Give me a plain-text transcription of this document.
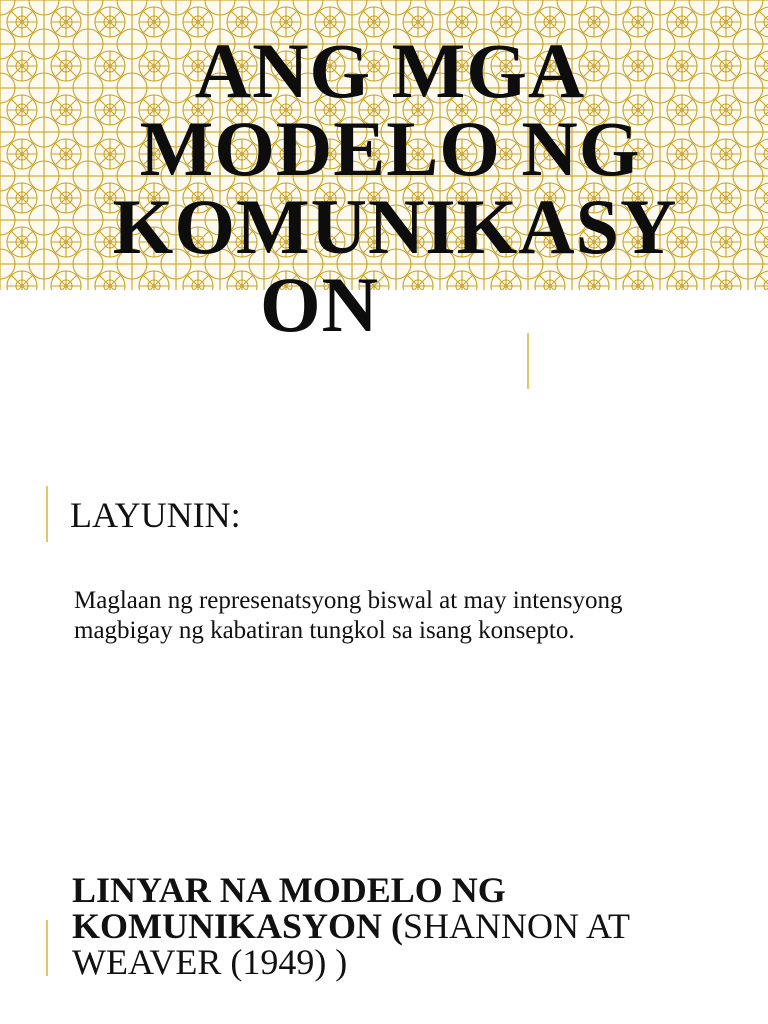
ANG MGA
MODELO NG
KOMUNIKASY
ON
LAYUNIN:

Maglaan ng represenatsyong biswal at may intensyong magbigay ng kabatiran tungkol sa isang konsepto.

LINYAR NA MODELO NG KOMUNIKASYON (SHANNON AT WEAVER (1949) )
